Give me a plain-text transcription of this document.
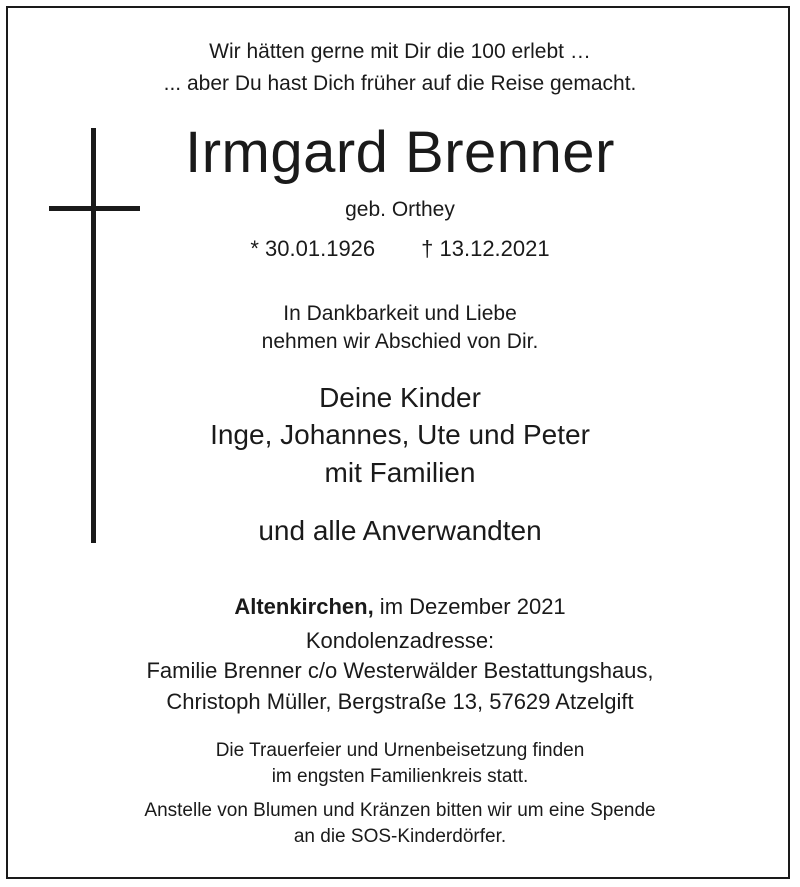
Wir hätten gerne mit Dir die 100 erlebt …
... aber Du hast Dich früher auf die Reise gemacht.
Irmgard Brenner
geb. Orthey
* 30.01.1926 † 13.12.2021
In Dankbarkeit und Liebe
nehmen wir Abschied von Dir.
Deine Kinder
Inge, Johannes, Ute und Peter
mit Familien
und alle Anverwandten
Altenkirchen, im Dezember 2021
Kondolenzadresse:
Familie Brenner c/o Westerwälder Bestattungshaus,
Christoph Müller, Bergstraße 13, 57629 Atzelgift
Die Trauerfeier und Urnenbeisetzung finden
im engsten Familienkreis statt.
Anstelle von Blumen und Kränzen bitten wir um eine Spende
an die SOS-Kinderdörfer.
